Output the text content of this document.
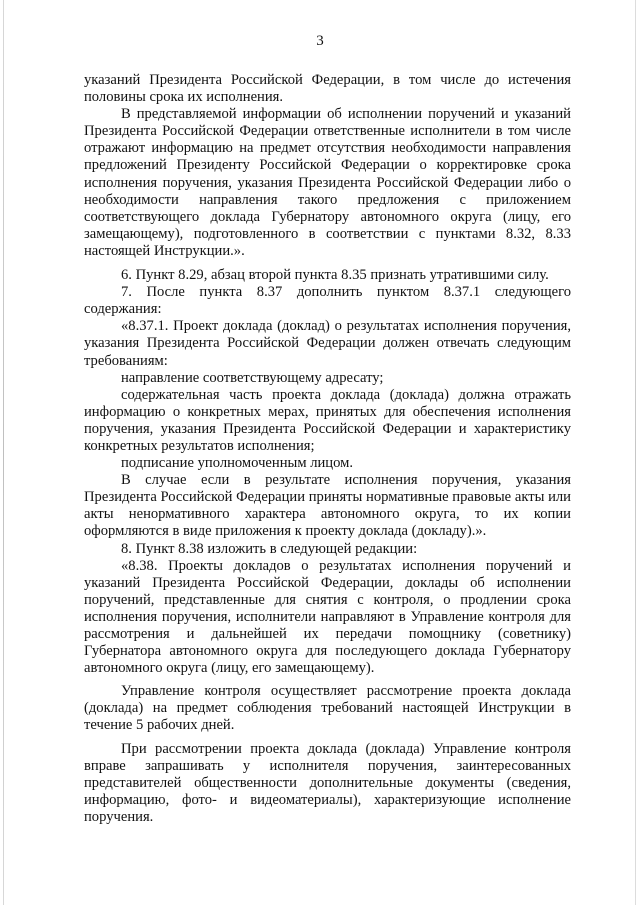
3

указаний Президента Российской Федерации, в том числе до истечения половины срока их исполнения.

В представляемой информации об исполнении поручений и указаний Президента Российской Федерации ответственные исполнители в том числе отражают информацию на предмет отсутствия необходимости направления предложений Президенту Российской Федерации о корректировке срока исполнения поручения, указания Президента Российской Федерации либо о необходимости направления такого предложения с приложением соответствующего доклада Губернатору автономного округа (лицу, его замещающему), подготовленного в соответствии с пунктами 8.32, 8.33 настоящей Инструкции.».

6. Пункт 8.29, абзац второй пункта 8.35 признать утратившими силу.

7. После пункта 8.37 дополнить пунктом 8.37.1 следующего содержания:

«8.37.1. Проект доклада (доклад) о результатах исполнения поручения, указания Президента Российской Федерации должен отвечать следующим требованиям:

направление соответствующему адресату;

содержательная часть проекта доклада (доклада) должна отражать информацию о конкретных мерах, принятых для обеспечения исполнения поручения, указания Президента Российской Федерации и характеристику конкретных результатов исполнения;

подписание уполномоченным лицом.

В случае если в результате исполнения поручения, указания Президента Российской Федерации приняты нормативные правовые акты или акты ненормативного характера автономного округа, то их копии оформляются в виде приложения к проекту доклада (докладу).».

8. Пункт 8.38 изложить в следующей редакции:

«8.38. Проекты докладов о результатах исполнения поручений и указаний Президента Российской Федерации, доклады об исполнении поручений, представленные для снятия с контроля, о продлении срока исполнения поручения, исполнители направляют в Управление контроля для рассмотрения и дальнейшей их передачи помощнику (советнику) Губернатора автономного округа для последующего доклада Губернатору автономного округа (лицу, его замещающему).

Управление контроля осуществляет рассмотрение проекта доклада (доклада) на предмет соблюдения требований настоящей Инструкции в течение 5 рабочих дней.

При рассмотрении проекта доклада (доклада) Управление контроля вправе запрашивать у исполнителя поручения, заинтересованных представителей общественности дополнительные документы (сведения, информацию, фото- и видеоматериалы), характеризующие исполнение поручения.
